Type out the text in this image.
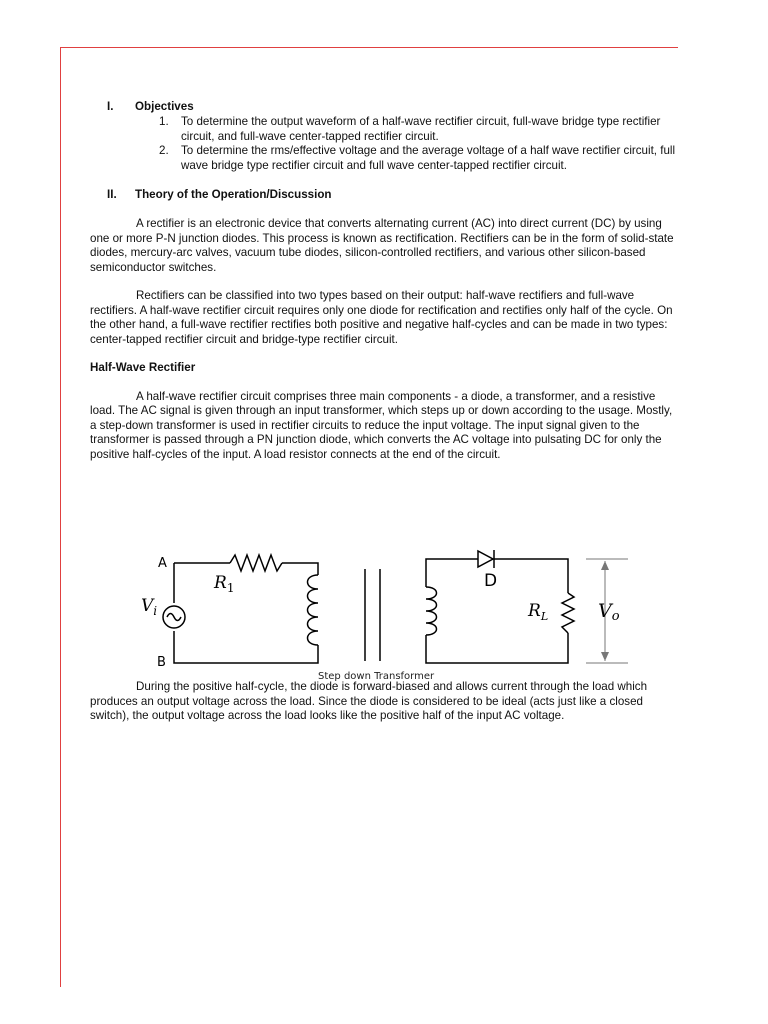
I. Objectives
1. To determine the output waveform of a half-wave rectifier circuit, full-wave bridge type rectifier circuit, and full-wave center-tapped rectifier circuit.
2. To determine the rms/effective voltage and the average voltage of a half wave rectifier circuit, full wave bridge type rectifier circuit and full wave center-tapped rectifier circuit.
II. Theory of the Operation/Discussion

A rectifier is an electronic device that converts alternating current (AC) into direct current (DC) by using one or more P-N junction diodes. This process is known as rectification. Rectifiers can be in the form of solid-state diodes, mercury-arc valves, vacuum tube diodes, silicon-controlled rectifiers, and various other silicon-based semiconductor switches.

Rectifiers can be classified into two types based on their output: half-wave rectifiers and full-wave rectifiers. A half-wave rectifier circuit requires only one diode for rectification and rectifies only half of the cycle. On the other hand, a full-wave rectifier rectifies both positive and negative half-cycles and can be made in two types: center-tapped rectifier circuit and bridge-type rectifier circuit.

Half-Wave Rectifier

A half-wave rectifier circuit comprises three main components - a diode, a transformer, and a resistive load. The AC signal is given through an input transformer, which steps up or down according to the usage. Mostly, a step-down transformer is used in rectifier circuits to reduce the input voltage. The input signal given to the transformer is passed through a PN junction diode, which converts the AC voltage into pulsating DC for only the positive half-cycles of the input. A load resistor connects at the end of the circuit.

During the positive half-cycle, the diode is forward-biased and allows current through the load which produces an output voltage across the load. Since the diode is considered to be ideal (acts just like a closed switch), the output voltage across the load looks like the positive half of the input AC voltage.

A
B
D
$R_1$
$V_i$	$R_L$	Vo
Step down Transformer
